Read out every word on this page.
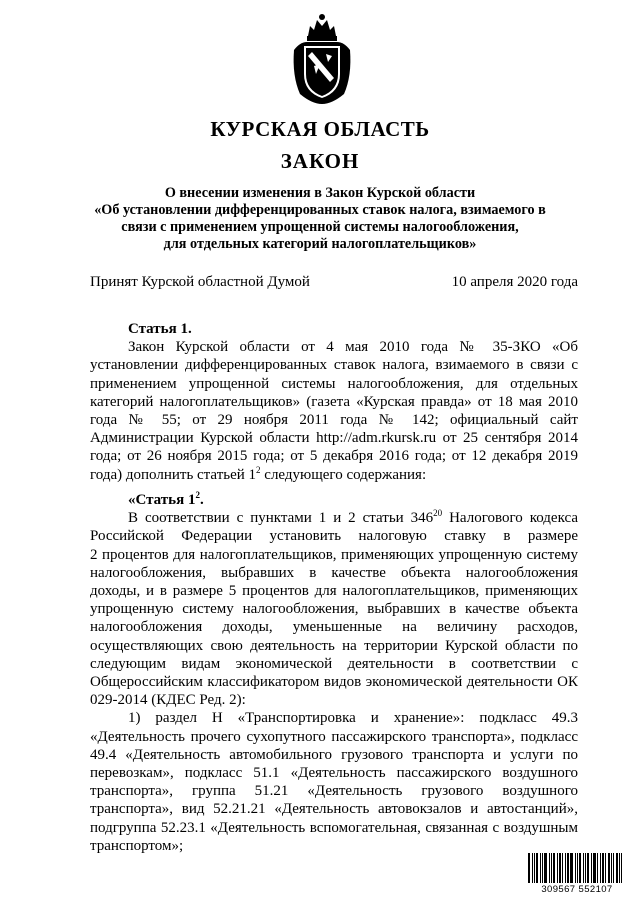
КУРСКАЯ ОБЛАСТЬ
ЗАКОН
О внесении изменения в Закон Курской области
«Об установлении дифференцированных ставок налога, взимаемого в
связи с применением упрощенной системы налогообложения,
для отдельных категорий налогоплательщиков»
Принят Курской областной Думой	10 апреля 2020 года
Статья 1.
Закон Курской области от 4 мая 2010 года № 35-ЗКО «Об
установлении дифференцированных ставок налога, взимаемого в связи с
применением упрощенной системы налогообложения, для отдельных
категорий налогоплательщиков» (газета «Курская правда» от 18 мая 2010
года № 55; от 29 ноября 2011 года № 142; официальный сайт
Администрации Курской области http://adm.rkursk.ru от 25 сентября 2014
года; от 26 ноября 2015 года; от 5 декабря 2016 года; от 12 декабря 2019
года) дополнить статьей $1^2$ следующего содержания:
«Статья $1^2$.
В соответствии с пунктами 1 и 2 статьи $346^{20}$ Налогового кодекса
Российской Федерации установить налоговую ставку в размере
2 процентов для налогоплательщиков, применяющих упрощенную систему
налогообложения, выбравших в качестве объекта налогообложения
доходы, и в размере 5 процентов для налогоплательщиков, применяющих
упрощенную систему налогообложения, выбравших в качестве объекта
налогообложения доходы, уменьшенные на величину расходов,
осуществляющих свою деятельность на территории Курской области по
следующим видам экономической деятельности в соответствии с
Общероссийским классификатором видов экономической деятельности ОК
029-2014 (КДЕС Ред. 2):
1) раздел H «Транспортировка и хранение»: подкласс 49.3
«Деятельность прочего сухопутного пассажирского транспорта», подкласс
49.4 «Деятельность автомобильного грузового транспорта и услуги по
перевозкам», подкласс 51.1 «Деятельность пассажирского воздушного
транспорта», группа 51.21 «Деятельность грузового воздушного
транспорта», вид 52.21.21 «Деятельность автовокзалов и автостанций»,
подгруппа 52.23.1 «Деятельность вспомогательная, связанная с воздушным
транспортом»;
309567 552107
